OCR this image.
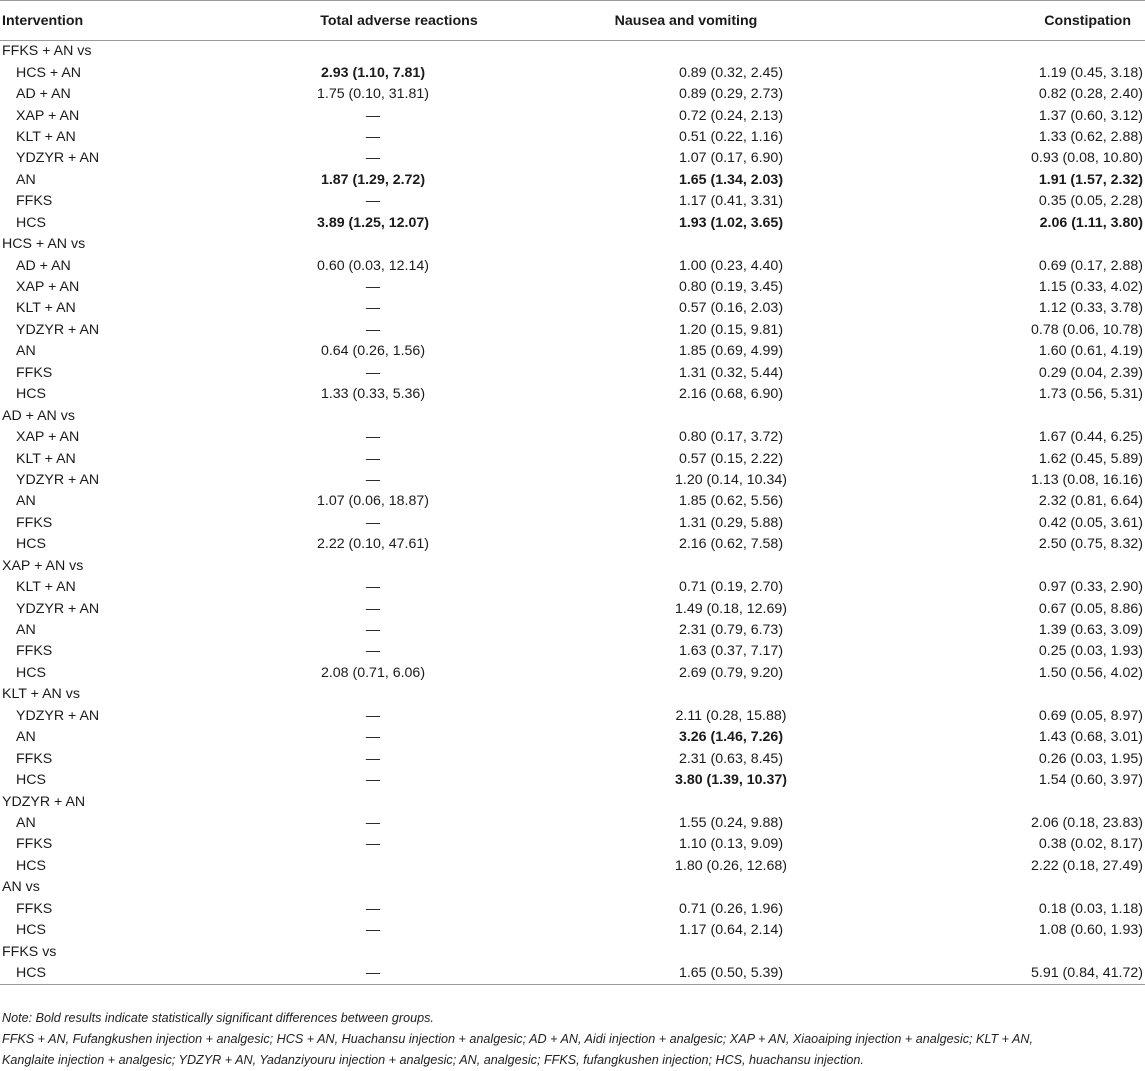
Intervention	Total adverse reactions	Nausea and vomiting	Constipation
FFKS + AN vs			
HCS + AN	2.93 (1.10, 7.81)	0.89 (0.32, 2.45)	1.19 (0.45, 3.18)
AD + AN	1.75 (0.10, 31.81)	0.89 (0.29, 2.73)	0.82 (0.28, 2.40)
XAP + AN	—	0.72 (0.24, 2.13)	1.37 (0.60, 3.12)
KLT + AN	—	0.51 (0.22, 1.16)	1.33 (0.62, 2.88)
YDZYR + AN	—	1.07 (0.17, 6.90)	0.93 (0.08, 10.80)
AN	1.87 (1.29, 2.72)	1.65 (1.34, 2.03)	1.91 (1.57, 2.32)
FFKS	—	1.17 (0.41, 3.31)	0.35 (0.05, 2.28)
HCS	3.89 (1.25, 12.07)	1.93 (1.02, 3.65)	2.06 (1.11, 3.80)
HCS + AN vs			
AD + AN	0.60 (0.03, 12.14)	1.00 (0.23, 4.40)	0.69 (0.17, 2.88)
XAP + AN	—	0.80 (0.19, 3.45)	1.15 (0.33, 4.02)
KLT + AN	—	0.57 (0.16, 2.03)	1.12 (0.33, 3.78)
YDZYR + AN	—	1.20 (0.15, 9.81)	0.78 (0.06, 10.78)
AN	0.64 (0.26, 1.56)	1.85 (0.69, 4.99)	1.60 (0.61, 4.19)
FFKS	—	1.31 (0.32, 5.44)	0.29 (0.04, 2.39)
HCS	1.33 (0.33, 5.36)	2.16 (0.68, 6.90)	1.73 (0.56, 5.31)
AD + AN vs			
XAP + AN	—	0.80 (0.17, 3.72)	1.67 (0.44, 6.25)
KLT + AN	—	0.57 (0.15, 2.22)	1.62 (0.45, 5.89)
YDZYR + AN	—	1.20 (0.14, 10.34)	1.13 (0.08, 16.16)
AN	1.07 (0.06, 18.87)	1.85 (0.62, 5.56)	2.32 (0.81, 6.64)
FFKS	—	1.31 (0.29, 5.88)	0.42 (0.05, 3.61)
HCS	2.22 (0.10, 47.61)	2.16 (0.62, 7.58)	2.50 (0.75, 8.32)
XAP + AN vs			
KLT + AN	—	0.71 (0.19, 2.70)	0.97 (0.33, 2.90)
YDZYR + AN	—	1.49 (0.18, 12.69)	0.67 (0.05, 8.86)
AN	—	2.31 (0.79, 6.73)	1.39 (0.63, 3.09)
FFKS	—	1.63 (0.37, 7.17)	0.25 (0.03, 1.93)
HCS	2.08 (0.71, 6.06)	2.69 (0.79, 9.20)	1.50 (0.56, 4.02)
KLT + AN vs			
YDZYR + AN	—	2.11 (0.28, 15.88)	0.69 (0.05, 8.97)
AN	—	3.26 (1.46, 7.26)	1.43 (0.68, 3.01)
FFKS	—	2.31 (0.63, 8.45)	0.26 (0.03, 1.95)
HCS	—	3.80 (1.39, 10.37)	1.54 (0.60, 3.97)
YDZYR + AN			
AN	—	1.55 (0.24, 9.88)	2.06 (0.18, 23.83)
FFKS	—	1.10 (0.13, 9.09)	0.38 (0.02, 8.17)
HCS		1.80 (0.26, 12.68)	2.22 (0.18, 27.49)
AN vs			
FFKS	—	0.71 (0.26, 1.96)	0.18 (0.03, 1.18)
HCS	—	1.17 (0.64, 2.14)	1.08 (0.60, 1.93)
FFKS vs			
HCS	—	1.65 (0.50, 5.39)	5.91 (0.84, 41.72)

Note: Bold results indicate statistically significant differences between groups.

FFKS + AN, Fufangkushen injection + analgesic; HCS + AN, Huachansu injection + analgesic; AD + AN, Aidi injection + analgesic; XAP + AN, Xiaoaiping injection + analgesic; KLT + AN,

Kanglaite injection + analgesic; YDZYR + AN, Yadanziyouru injection + analgesic; AN, analgesic; FFKS, fufangkushen injection; HCS, huachansu injection.
